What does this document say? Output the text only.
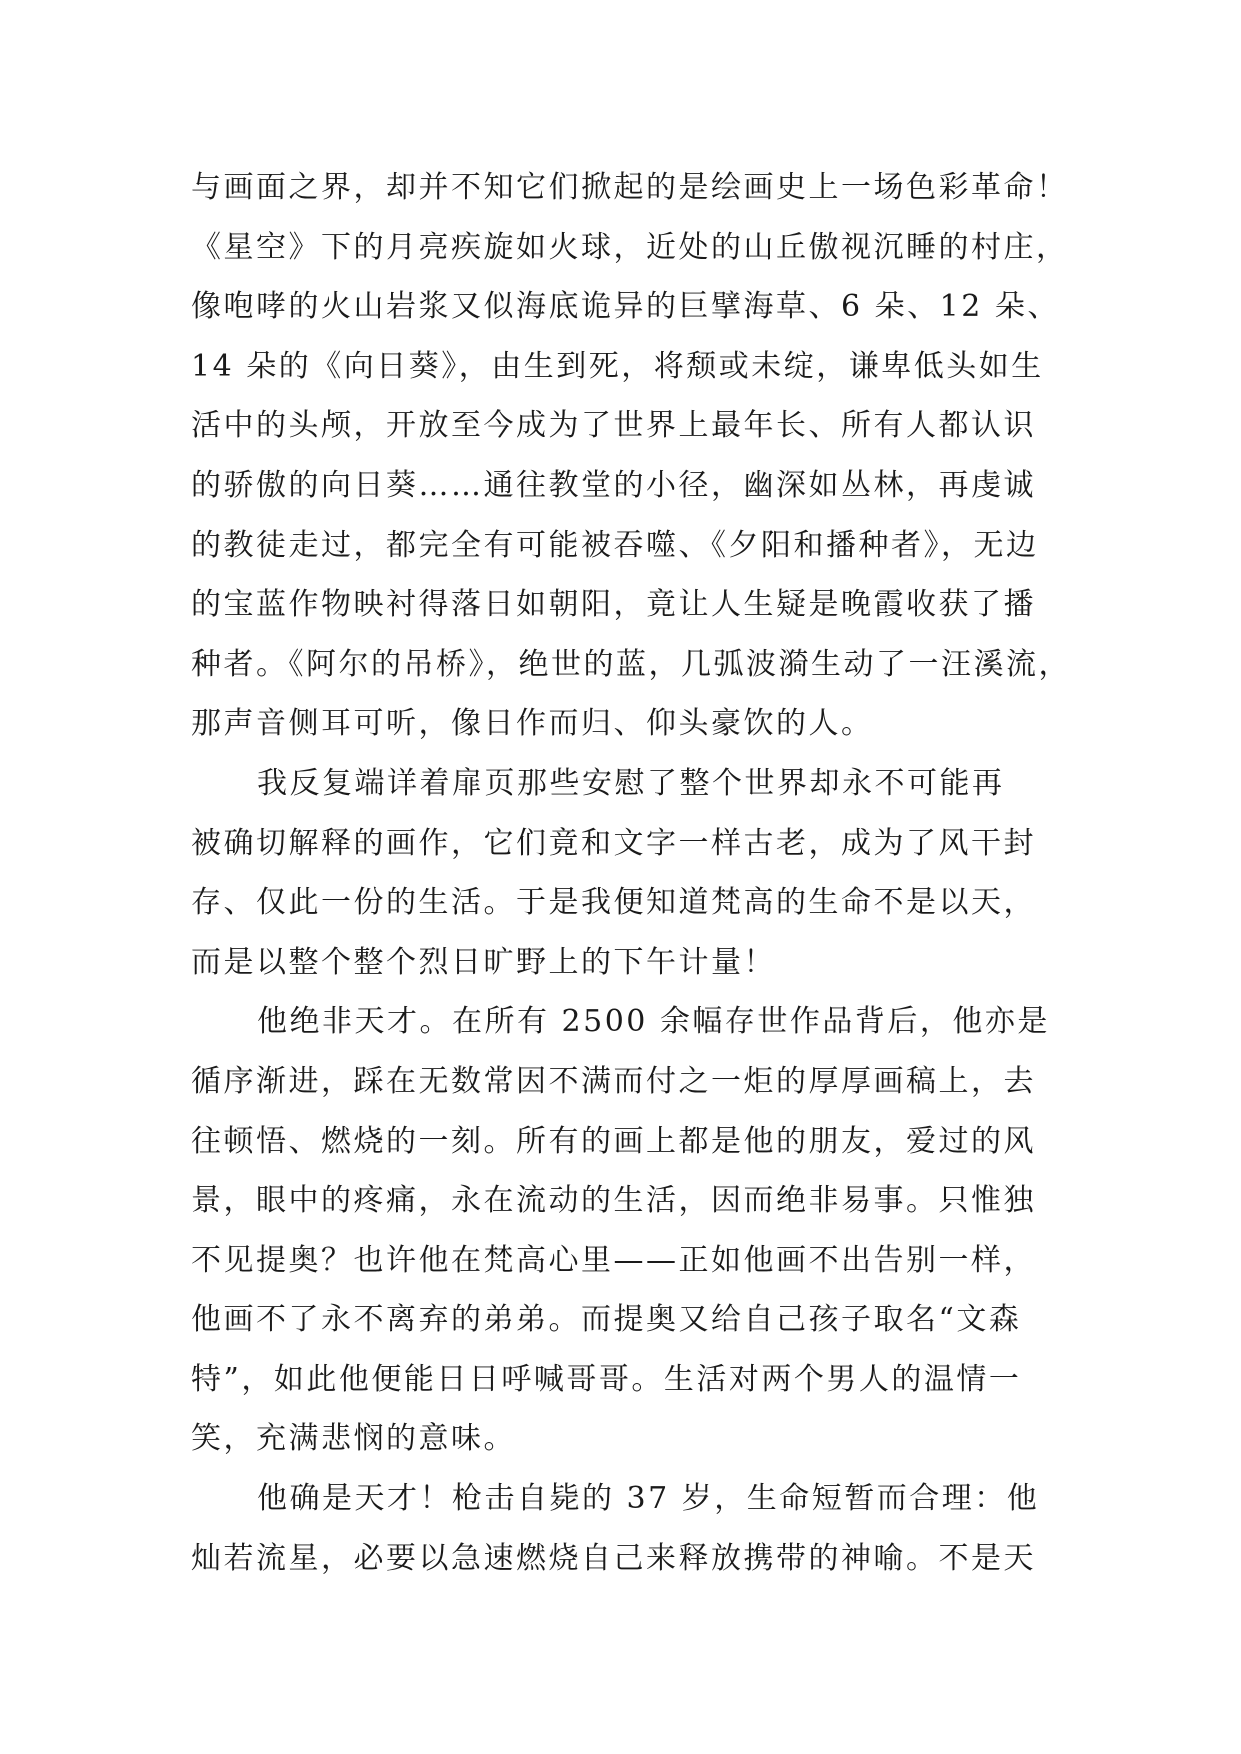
与画面之界，却并不知它们掀起的是绘画史上一场色彩革命！
《星空》下的月亮疾旋如火球，近处的山丘傲视沉睡的村庄，
像咆哮的火山岩浆又似海底诡异的巨擘海草、6 朵、12 朵、
14 朵的《向日葵》，由生到死，将颓或未绽，谦卑低头如生
活中的头颅，开放至今成为了世界上最年长、所有人都认识
的骄傲的向日葵……通往教堂的小径，幽深如丛林，再虔诚
的教徒走过，都完全有可能被吞噬、《夕阳和播种者》，无边
的宝蓝作物映衬得落日如朝阳，竟让人生疑是晚霞收获了播
种者。《阿尔的吊桥》，绝世的蓝，几弧波漪生动了一汪溪流，
那声音侧耳可听，像日作而归、仰头豪饮的人。
我反复端详着扉页那些安慰了整个世界却永不可能再
被确切解释的画作，它们竟和文字一样古老，成为了风干封
存、仅此一份的生活。于是我便知道梵高的生命不是以天，
而是以整个整个烈日旷野上的下午计量！
他绝非天才。在所有 2500 余幅存世作品背后，他亦是
循序渐进，踩在无数常因不满而付之一炬的厚厚画稿上，去
往顿悟、燃烧的一刻。所有的画上都是他的朋友，爱过的风
景，眼中的疼痛，永在流动的生活，因而绝非易事。只惟独
不见提奥？也许他在梵高心里——正如他画不出告别一样，
他画不了永不离弃的弟弟。而提奥又给自己孩子取名“文森
特”，如此他便能日日呼喊哥哥。生活对两个男人的温情一
笑，充满悲悯的意味。
他确是天才！枪击自毙的 37 岁，生命短暂而合理：他
灿若流星，必要以急速燃烧自己来释放携带的神喻。不是天
